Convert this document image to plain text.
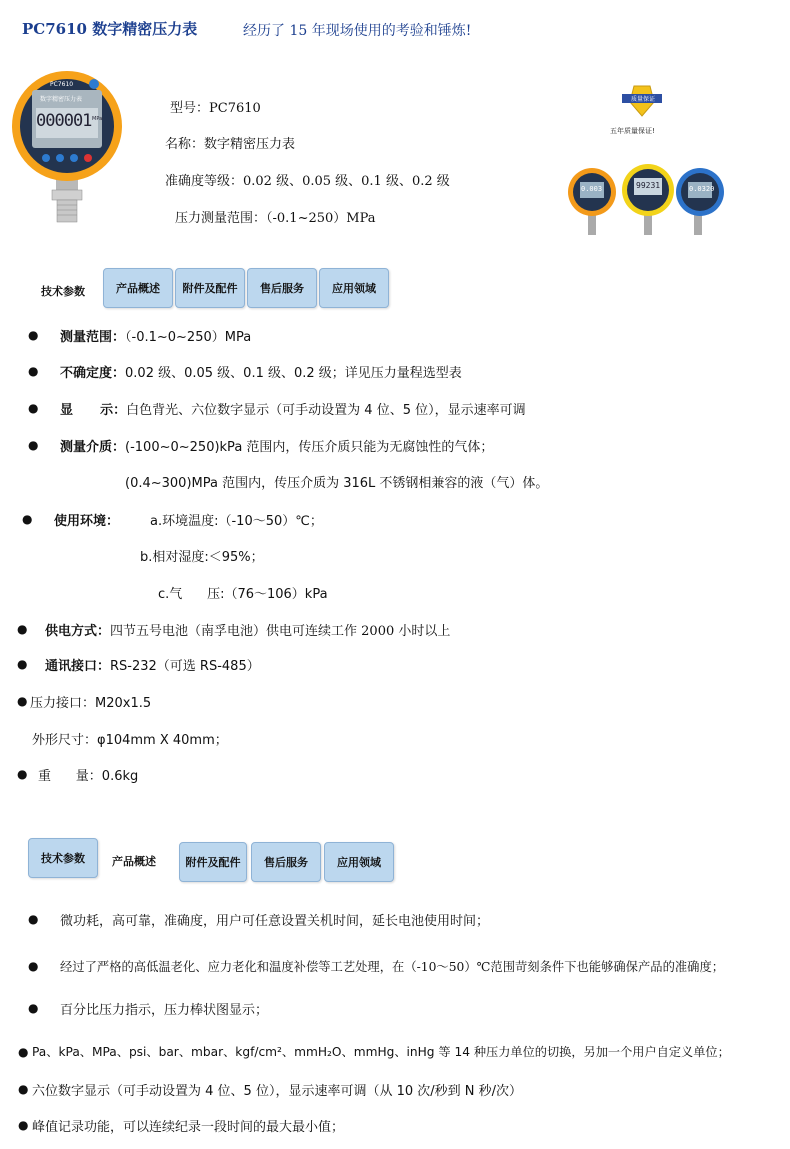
PC7610 数字精密压力表	经历了 15 年现场使用的考验和锤炼!
PC7610
数字精密压力表
000001 MPa
型号：PC7610
名称：数字精密压力表
准确度等级：0.02 级、0.05 级、0.1 级、0.2 级
压力测量范围：（-0.1~250）MPa
质量保证
五年质量保证!
0.003	99231	0.0320
技术参数	产品概述	附件及配件	售后服务	应用领域
● 测量范围：（-0.1~0~250）MPa
● 不确定度：0.02 级、0.05 级、0.1 级、0.2 级；详见压力量程选型表
● 显      示：白色背光、六位数字显示（可手动设置为 4 位、5 位），显示速率可调
● 测量介质：(-100~0~250)kPa 范围内，传压介质只能为无腐蚀性的气体；
(0.4~300)MPa 范围内，传压介质为 316L 不锈钢相兼容的液（气）体。
● 使用环境： a.环境温度:（-10～50）℃；
b.相对湿度:＜95%；
c.气      压:（76～106）kPa
● 供电方式：四节五号电池（南孚电池）供电可连续工作 2000 小时以上
● 通讯接口：RS-232（可选 RS-485）
● 压力接口：M20x1.5
外形尺寸：φ104mm X 40mm；
● 重      量：0.6kg
技术参数	产品概述	附件及配件	售后服务	应用领域
● 微功耗，高可靠，准确度，用户可任意设置关机时间，延长电池使用时间；
● 经过了严格的高低温老化、应力老化和温度补偿等工艺处理，在（-10～50）℃范围苛刻条件下也能够确保产品的准确度；
● 百分比压力指示，压力棒状图显示；
● Pa、kPa、MPa、psi、bar、mbar、kgf/cm²、mmH₂O、mmHg、inHg 等 14 种压力单位的切换，另加一个用户自定义单位；
● 六位数字显示（可手动设置为 4 位、5 位），显示速率可调（从 10 次/秒到 N 秒/次）
● 峰值记录功能，可以连续纪录一段时间的最大最小值；
